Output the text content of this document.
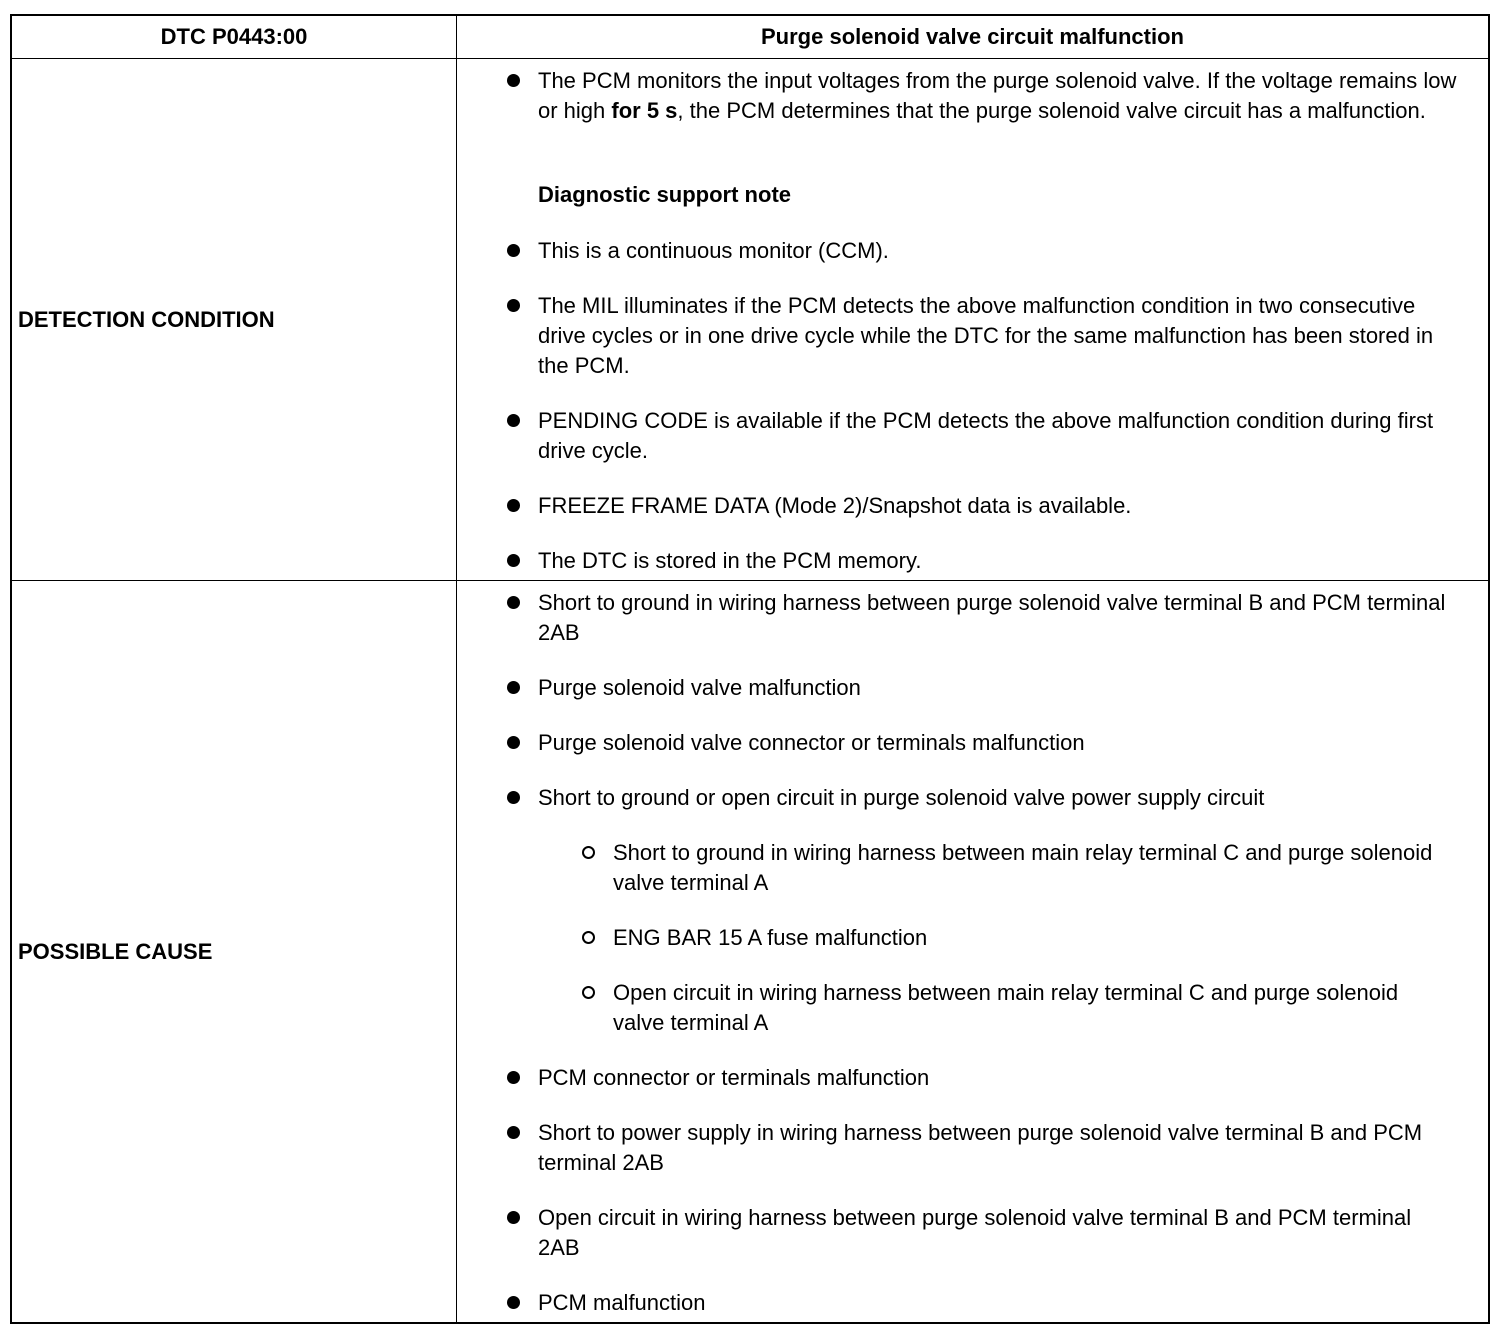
DTC P0443:00	Purge solenoid valve circuit malfunction
DETECTION CONDITION
The PCM monitors the input voltages from the purge solenoid valve. If the voltage remains low or high for 5 s, the PCM determines that the purge solenoid valve circuit has a malfunction.
Diagnostic support note
This is a continuous monitor (CCM).
The MIL illuminates if the PCM detects the above malfunction condition in two consecutive drive cycles or in one drive cycle while the DTC for the same malfunction has been stored in the PCM.
PENDING CODE is available if the PCM detects the above malfunction condition during first drive cycle.
FREEZE FRAME DATA (Mode 2)/Snapshot data is available.
The DTC is stored in the PCM memory.
POSSIBLE CAUSE
Short to ground in wiring harness between purge solenoid valve terminal B and PCM terminal 2AB
Purge solenoid valve malfunction
Purge solenoid valve connector or terminals malfunction
Short to ground or open circuit in purge solenoid valve power supply circuit
Short to ground in wiring harness between main relay terminal C and purge solenoid valve terminal A
ENG BAR 15 A fuse malfunction
Open circuit in wiring harness between main relay terminal C and purge solenoid valve terminal A
PCM connector or terminals malfunction
Short to power supply in wiring harness between purge solenoid valve terminal B and PCM terminal 2AB
Open circuit in wiring harness between purge solenoid valve terminal B and PCM terminal 2AB
PCM malfunction
